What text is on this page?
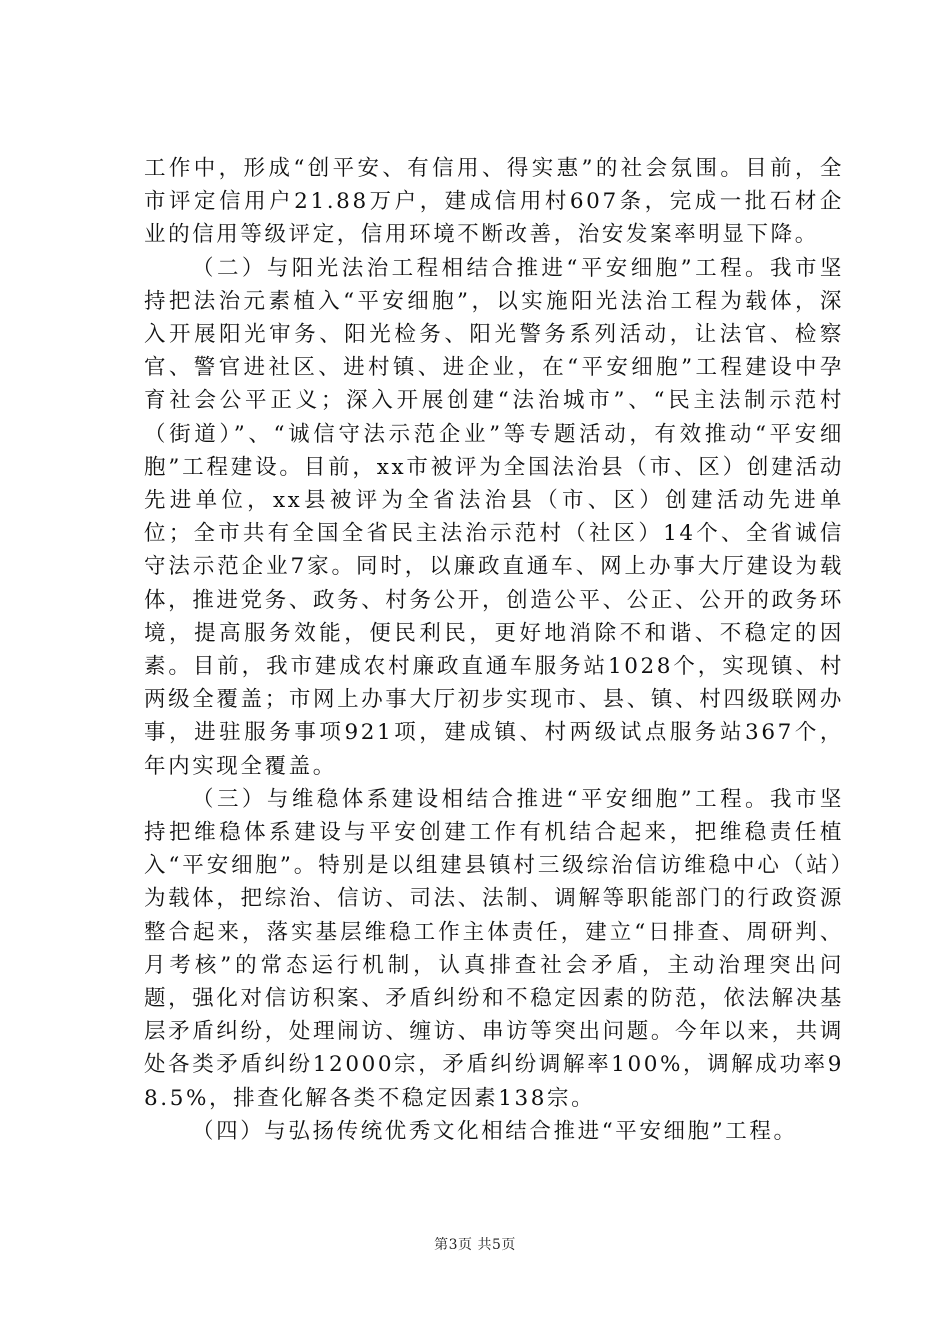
工作中，形成“创平安、有信用、得实惠”的社会氛围。目前，全市评定信用户21.88万户，建成信用村607条，完成一批石材企业的信用等级评定，信用环境不断改善，治安发案率明显下降。

（二）与阳光法治工程相结合推进“平安细胞”工程。我市坚持把法治元素植入“平安细胞”，以实施阳光法治工程为载体，深入开展阳光审务、阳光检务、阳光警务系列活动，让法官、检察官、警官进社区、进村镇、进企业，在“平安细胞”工程建设中孕育社会公平正义；深入开展创建“法治城市”、“民主法制示范村（街道）”、“诚信守法示范企业”等专题活动，有效推动“平安细胞”工程建设。目前，xx市被评为全国法治县（市、区）创建活动先进单位，xx县被评为全省法治县（市、区）创建活动先进单位；全市共有全国全省民主法治示范村（社区）14个、全省诚信守法示范企业7家。同时，以廉政直通车、网上办事大厅建设为载体，推进党务、政务、村务公开，创造公平、公正、公开的政务环境，提高服务效能，便民利民，更好地消除不和谐、不稳定的因素。目前，我市建成农村廉政直通车服务站1028个，实现镇、村两级全覆盖；市网上办事大厅初步实现市、县、镇、村四级联网办事，进驻服务事项921项，建成镇、村两级试点服务站367个，年内实现全覆盖。

（三）与维稳体系建设相结合推进“平安细胞”工程。我市坚持把维稳体系建设与平安创建工作有机结合起来，把维稳责任植入“平安细胞”。特别是以组建县镇村三级综治信访维稳中心（站）为载体，把综治、信访、司法、法制、调解等职能部门的行政资源整合起来，落实基层维稳工作主体责任，建立“日排查、周研判、月考核”的常态运行机制，认真排查社会矛盾，主动治理突出问题，强化对信访积案、矛盾纠纷和不稳定因素的防范，依法解决基层矛盾纠纷，处理闹访、缠访、串访等突出问题。今年以来，共调处各类矛盾纠纷12000宗，矛盾纠纷调解率100%，调解成功率98.5%，排查化解各类不稳定因素138宗。

（四）与弘扬传统优秀文化相结合推进“平安细胞”工程。

第3页 共5页
